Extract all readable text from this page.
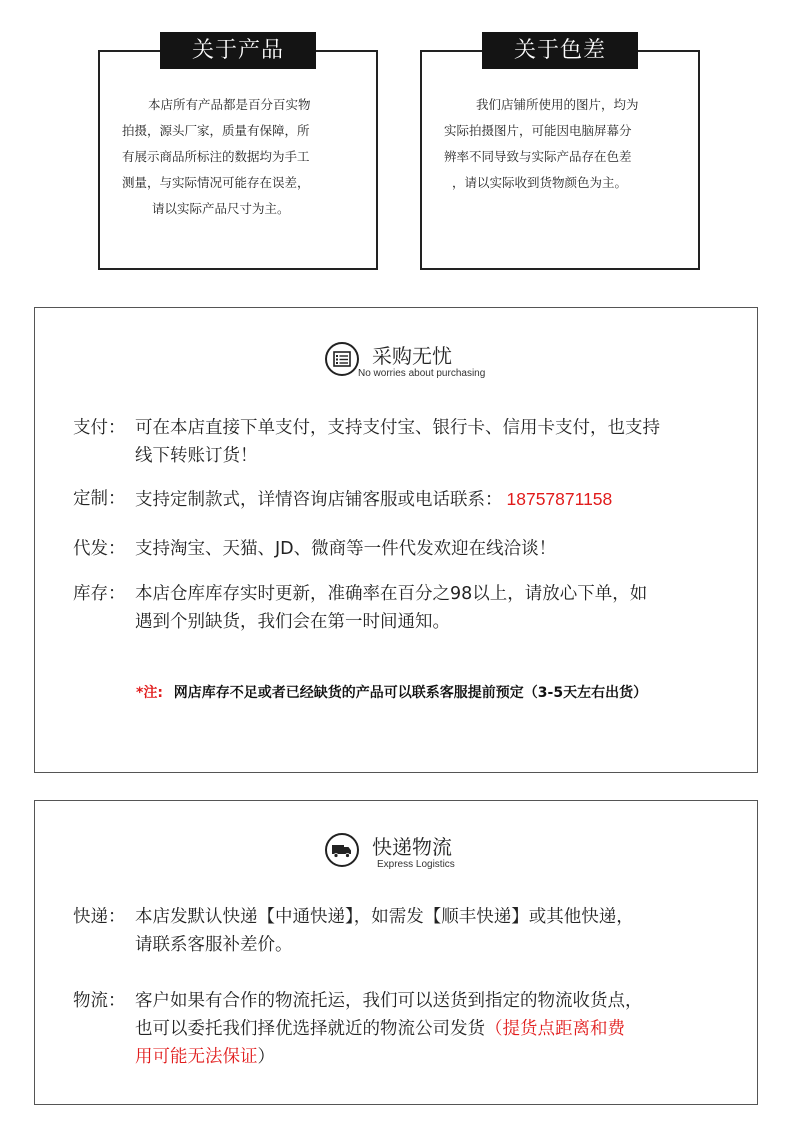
关于产品
本店所有产品都是百分百实物
拍摄，源头厂家，质量有保障，所
有展示商品所标注的数据均为手工
测量，与实际情况可能存在误差，
请以实际产品尺寸为主。
关于色差
我们店铺所使用的图片，均为
实际拍摄图片，可能因电脑屏幕分
辨率不同导致与实际产品存在色差
，请以实际收到货物颜色为主。
采购无忧
No worries about purchasing
支付： 可在本店直接下单支付，支持支付宝、银行卡、信用卡支付，也支持
线下转账订货！
定制： 支持定制款式，详情咨询店铺客服或电话联系： 18757871158
代发： 支持淘宝、天猫、JD、微商等一件代发欢迎在线洽谈！
库存： 本店仓库库存实时更新，准确率在百分之98以上，请放心下单，如
遇到个别缺货，我们会在第一时间通知。
*注: 网店库存不足或者已经缺货的产品可以联系客服提前预定（3-5天左右出货）
快递物流
Express Logistics
快递： 本店发默认快递【中通快递】，如需发【顺丰快递】或其他快递，
请联系客服补差价。
物流： 客户如果有合作的物流托运，我们可以送货到指定的物流收货点，
也可以委托我们择优选择就近的物流公司发货（提货点距离和费
用可能无法保证）
